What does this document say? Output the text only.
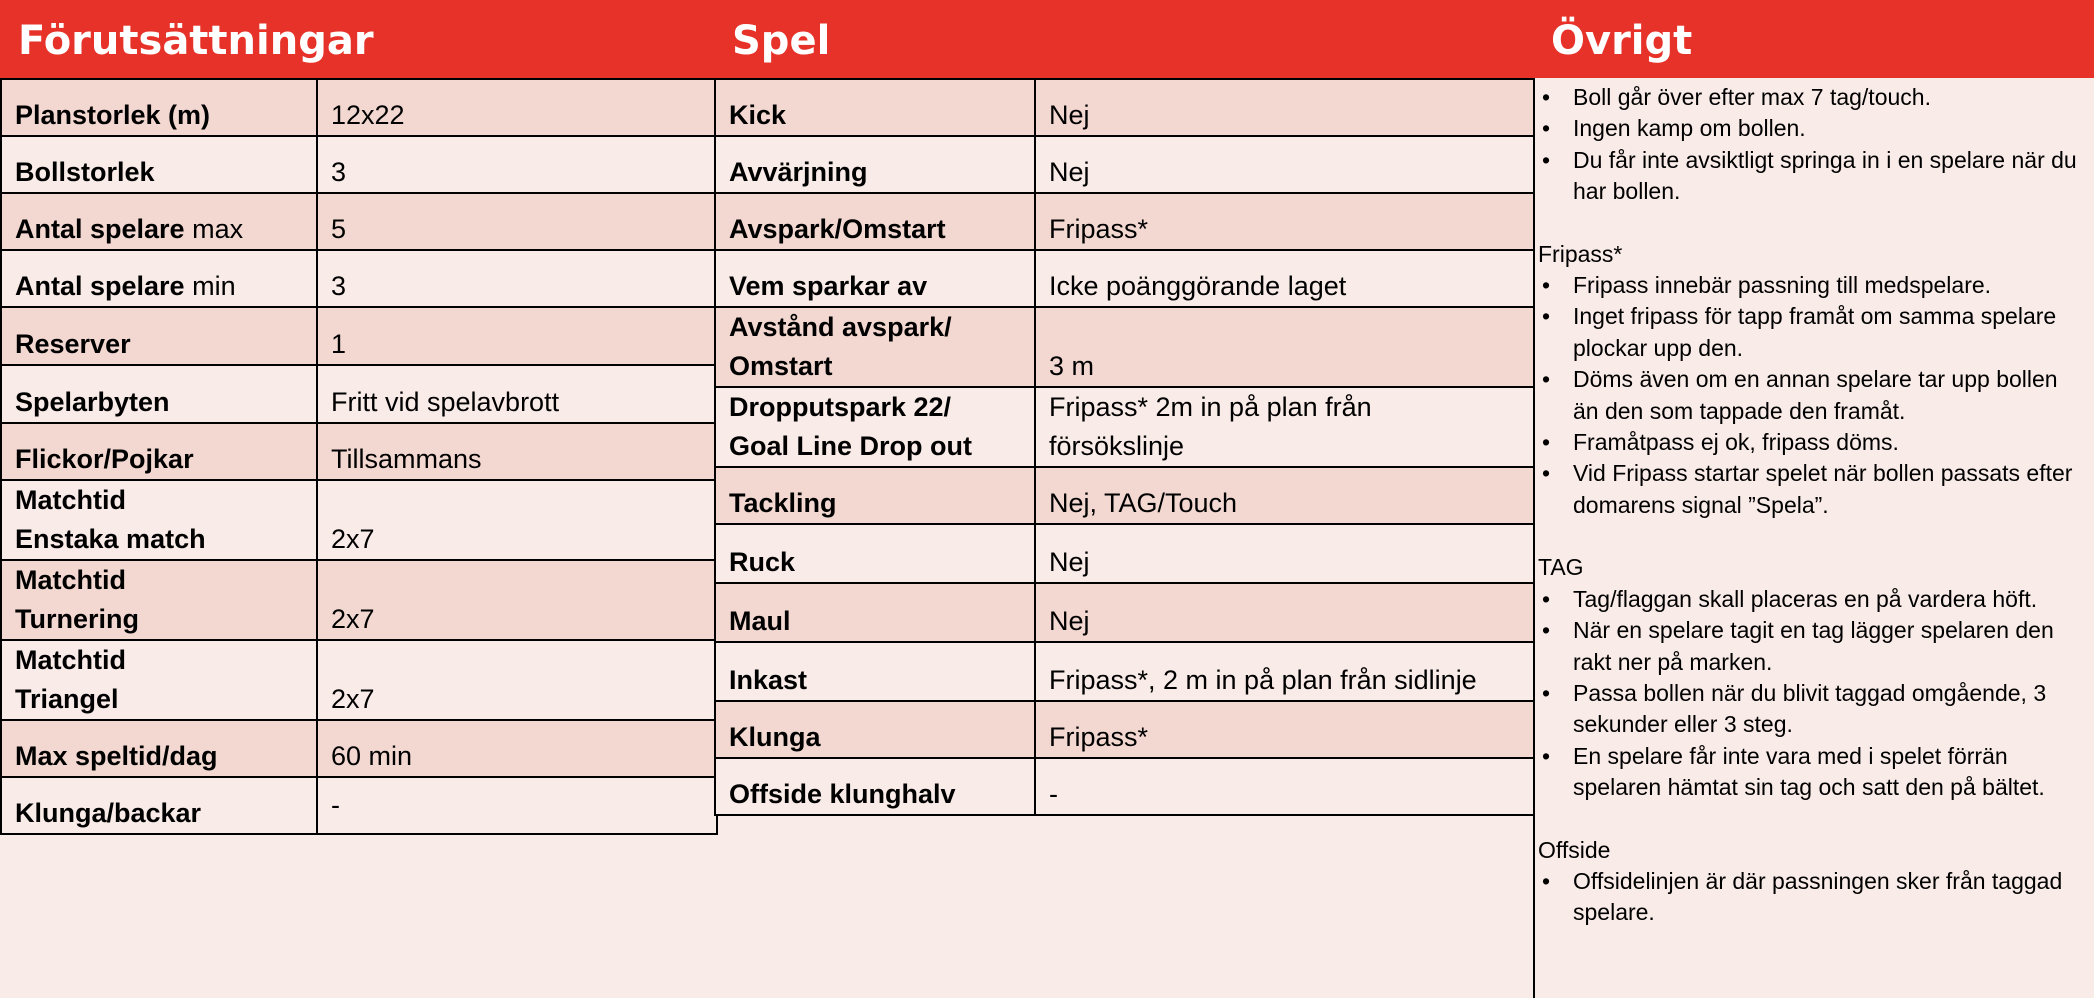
Förutsättningar	Spel	Övrigt
Planstorlek (m)	12x22
Bollstorlek	3
Antal spelare max	5
Antal spelare min	3
Reserver	1
Spelarbyten	Fritt vid spelavbrott
Flickor/Pojkar	Tillsammans
Matchtid
Enstaka match	2x7
Matchtid
Turnering	2x7
Matchtid
Triangel	2x7
Max speltid/dag	60 min
Klunga/backar	-
Kick	Nej
Avvärjning	Nej
Avspark/Omstart	Fripass*
Vem sparkar av	Icke poänggörande laget
Avstånd avspark/
Omstart	3 m
Dropputspark 22/
Goal Line Drop out	Fripass* 2m in på plan från
försökslinje
Tackling	Nej, TAG/Touch
Ruck	Nej
Maul	Nej
Inkast	Fripass*, 2 m in på plan från sidlinje
Klunga	Fripass*
Offside klunghalv	-
• Boll går över efter max 7 tag/touch.
• Ingen kamp om bollen.
• Du får inte avsiktligt springa in i en spelare när du har bollen.
Fripass*
• Fripass innebär passning till medspelare.
• Inget fripass för tapp framåt om samma spelare plockar upp den.
• Döms även om en annan spelare tar upp bollen än den som tappade den framåt.
• Framåtpass ej ok, fripass döms.
• Vid Fripass startar spelet när bollen passats efter domarens signal ”Spela”.
TAG
• Tag/flaggan skall placeras en på vardera höft.
• När en spelare tagit en tag lägger spelaren den rakt ner på marken.
• Passa bollen när du blivit taggad omgående, 3 sekunder eller 3 steg.
• En spelare får inte vara med i spelet förrän spelaren hämtat sin tag och satt den på bältet.
Offside
• Offsidelinjen är där passningen sker från taggad spelare.
